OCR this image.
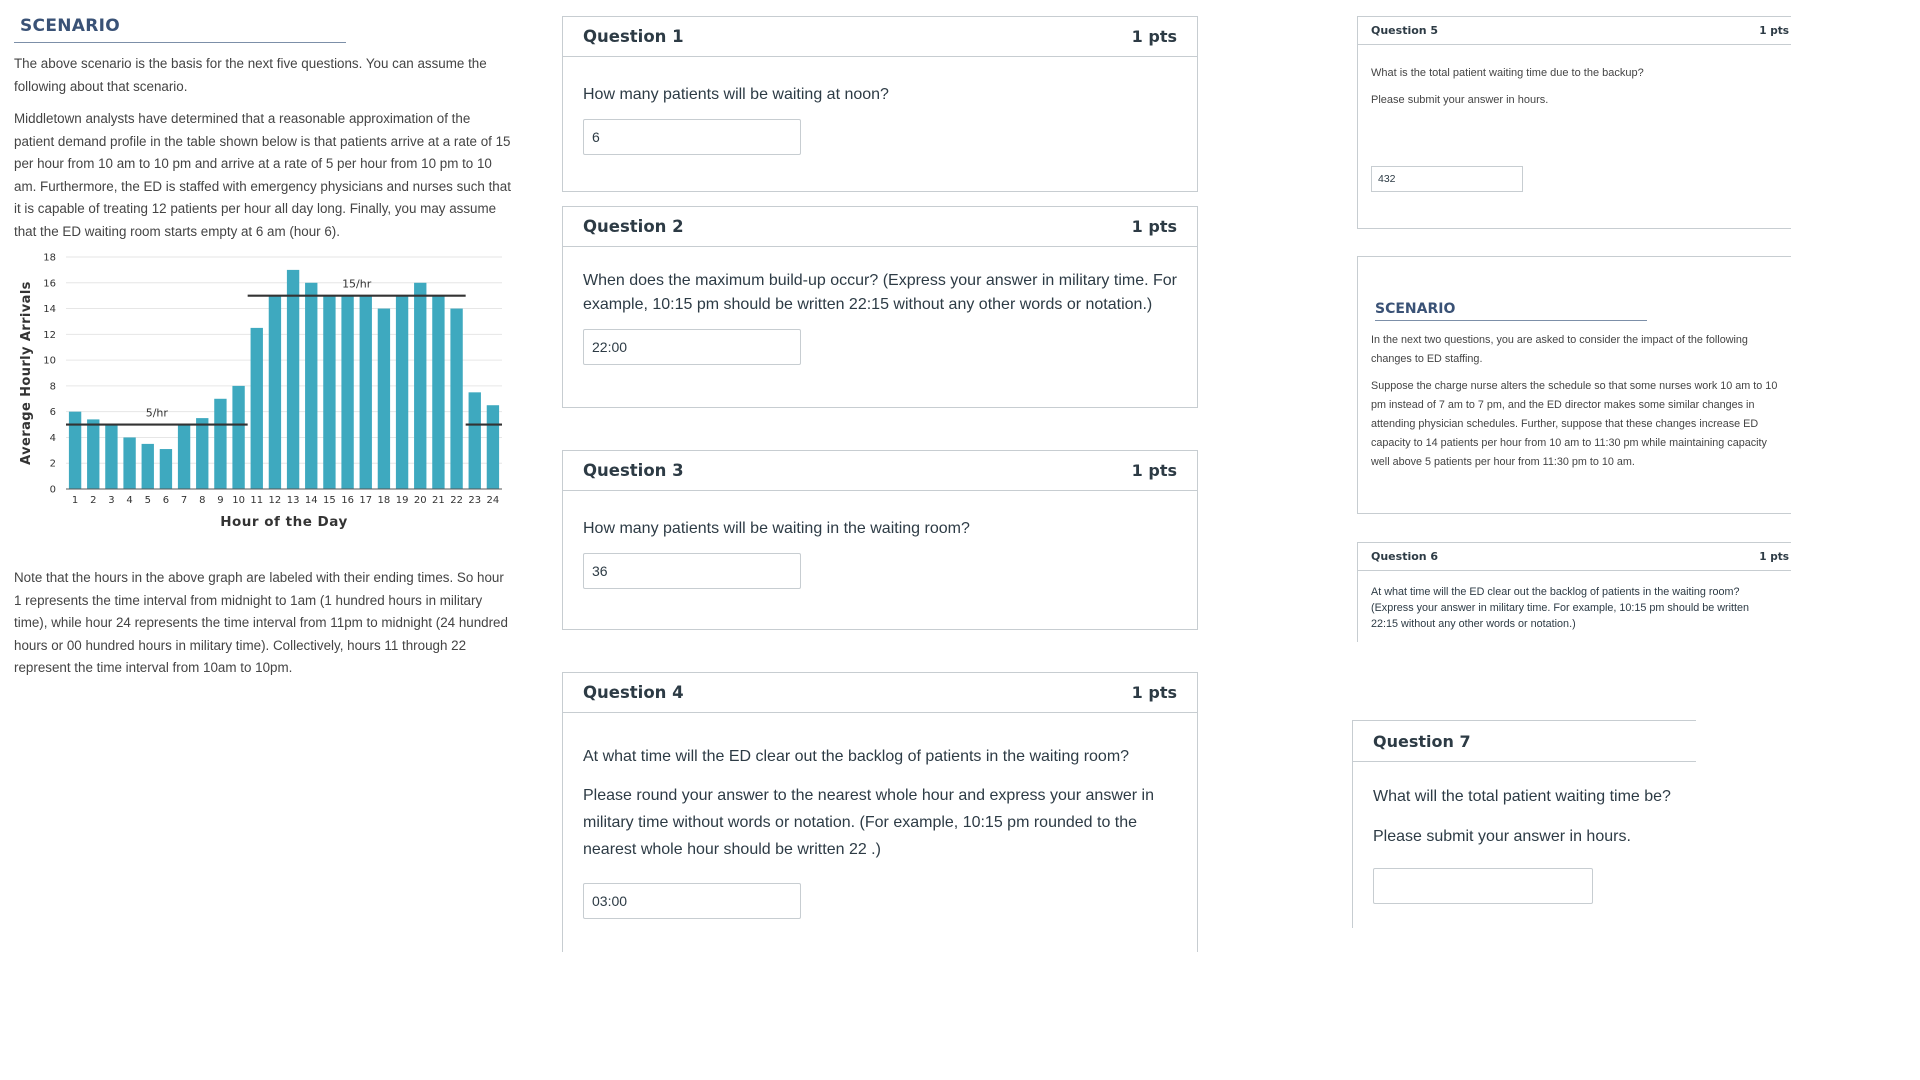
SCENARIO

The above scenario is the basis for the next five questions. You can assume the following about that scenario.

Middletown analysts have determined that a reasonable approximation of the patient demand profile in the table shown below is that patients arrive at a rate of 15 per hour from 10 am to 10 pm and arrive at a rate of 5 per hour from 10 pm to 10 am. Furthermore, the ED is staffed with emergency physicians and nurses such that it is capable of treating 12 patients per hour all day long. Finally, you may assume that the ED waiting room starts empty at 6 am (hour 6).

0
2
4
6
8
10
12
14
16
18
1 2 3 4 5 6 7 8 9 10 11 12 13 14 15 16 17 18 19 20 21 22 23 24
5/hr
15/hr
Hour of the Day
Average Hourly Arrivals

Note that the hours in the above graph are labeled with their ending times. So hour 1 represents the time interval from midnight to 1am (1 hundred hours in military time), while hour 24 represents the time interval from 11pm to midnight (24 hundred hours or 00 hundred hours in military time). Collectively, hours 11 through 22 represent the time interval from 10am to 10pm.

Question 1	1 pts

How many patients will be waiting at noon?

6
Question 2	1 pts

When does the maximum build-up occur? (Express your answer in military time. For example, 10:15 pm should be written 22:15 without any other words or notation.)

22:00
Question 3	1 pts

How many patients will be waiting in the waiting room?

36
Question 4	1 pts

At what time will the ED clear out the backlog of patients in the waiting room?

Please round your answer to the nearest whole hour and express your answer in military time without words or notation. (For example, 10:15 pm rounded to the nearest whole hour should be written 22 .)

03:00
Question 5	1 pts

What is the total patient waiting time due to the backup?

Please submit your answer in hours.

432
SCENARIO

In the next two questions, you are asked to consider the impact of the following changes to ED staffing.

Suppose the charge nurse alters the schedule so that some nurses work 10 am to 10 pm instead of 7 am to 7 pm, and the ED director makes some similar changes in attending physician schedules. Further, suppose that these changes increase ED capacity to 14 patients per hour from 10 am to 11:30 pm while maintaining capacity well above 5 patients per hour from 11:30 pm to 10 am.

Question 6	1 pts

At what time will the ED clear out the backlog of patients in the waiting room? (Express your answer in military time. For example, 10:15 pm should be written 22:15 without any other words or notation.)

Question 7

What will the total patient waiting time be?

Please submit your answer in hours.
